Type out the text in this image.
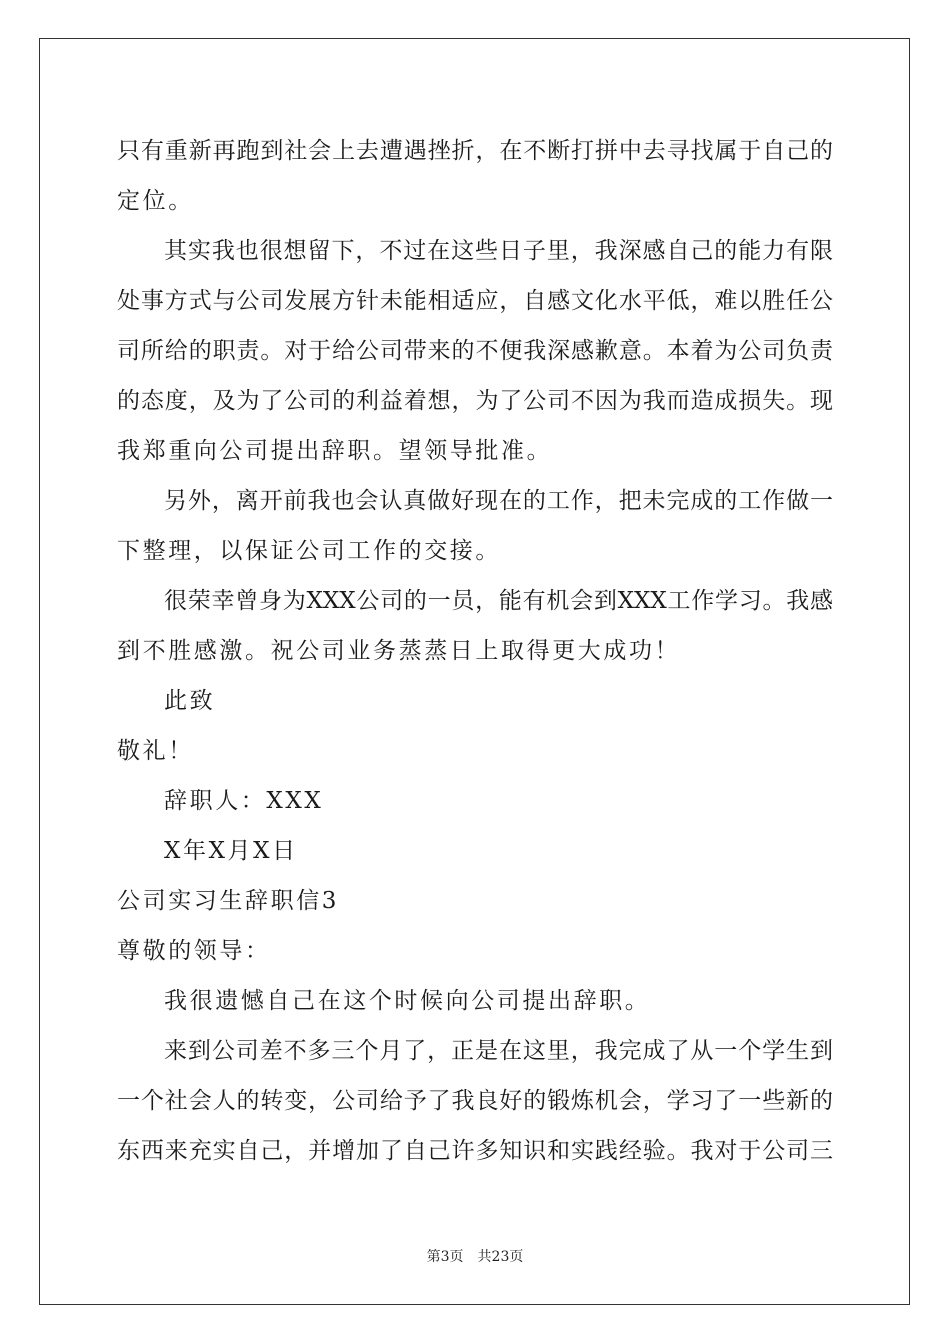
只有重新再跑到社会上去遭遇挫折，在不断打拼中去寻找属于自己的
定位。
其实我也很想留下，不过在这些日子里，我深感自己的能力有限
处事方式与公司发展方针未能相适应，自感文化水平低，难以胜任公
司所给的职责。对于给公司带来的不便我深感歉意。本着为公司负责
的态度，及为了公司的利益着想，为了公司不因为我而造成损失。现
我郑重向公司提出辞职。望领导批准。
另外，离开前我也会认真做好现在的工作，把未完成的工作做一
下整理，以保证公司工作的交接。
很荣幸曾身为XXX公司的一员，能有机会到XXX工作学习。我感
到不胜感激。祝公司业务蒸蒸日上取得更大成功！
此致
敬礼！
辞职人：XXX
X年X月X日
公司实习生辞职信3
尊敬的领导：
我很遗憾自己在这个时候向公司提出辞职。
来到公司差不多三个月了，正是在这里，我完成了从一个学生到
一个社会人的转变，公司给予了我良好的锻炼机会，学习了一些新的
东西来充实自己，并增加了自己许多知识和实践经验。我对于公司三
第3页 共23页
